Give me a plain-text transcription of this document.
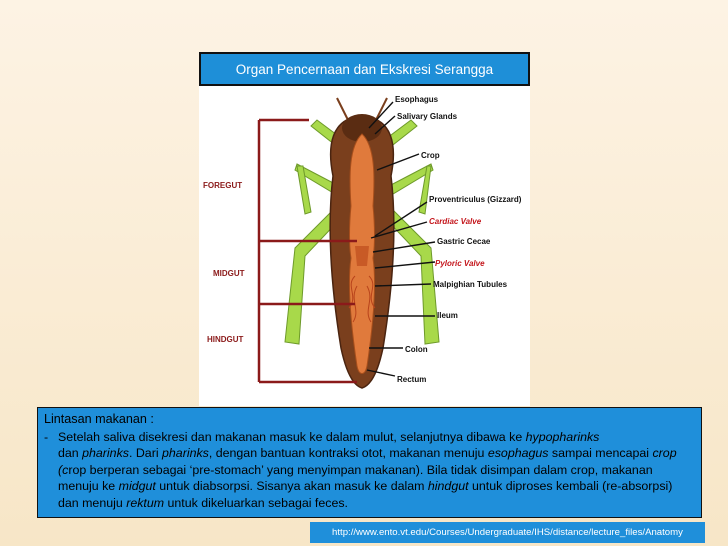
Organ Pencernaan dan Ekskresi Serangga
FOREGUT
MIDGUT
HINDGUT
Esophagus
Salivary Glands
Crop
Proventriculus (Gizzard)
Cardiac Valve
Gastric Cecae
Pyloric Valve
Malpighian Tubules
Ileum
Colon
Rectum
Lintasan makanan :
- Setelah saliva disekresi dan makanan masuk ke dalam mulut, selanjutnya dibawa ke hypopharinks
dan pharinks. Dari pharinks, dengan bantuan kontraksi otot, makanan menuju esophagus sampai mencapai crop (crop berperan sebagai ‘pre-stomach’ yang menyimpan makanan). Bila tidak disimpan dalam crop, makanan menuju ke midgut untuk diabsorpsi. Sisanya akan masuk ke dalam hindgut untuk diproses kembali (re-absorpsi) dan menuju rektum untuk dikeluarkan sebagai feces.
http://www.ento.vt.edu/Courses/Undergraduate/IHS/distance/lecture_files/Anatomy
